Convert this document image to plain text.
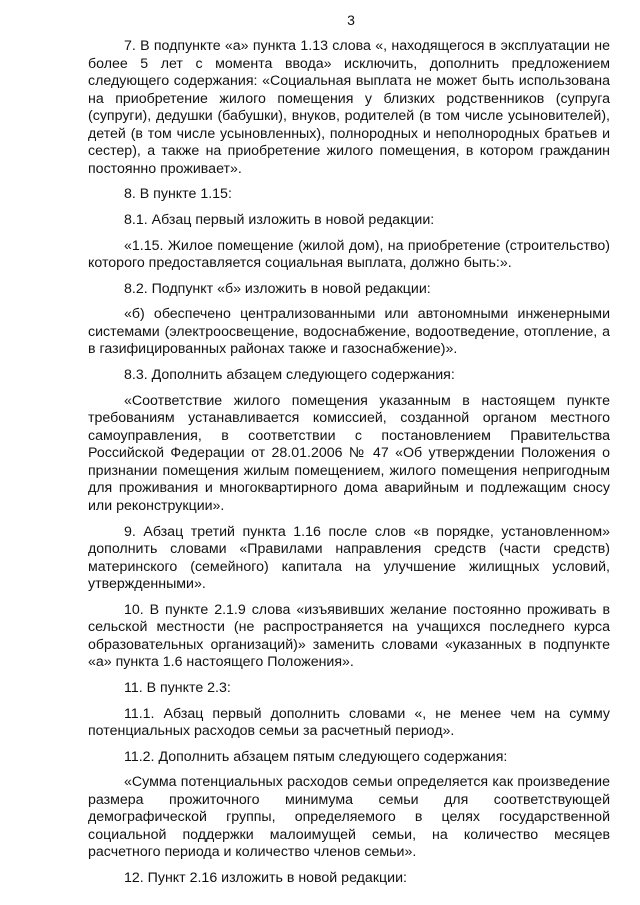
3

7. В подпункте «а» пункта 1.13 слова «, находящегося в эксплуатации не более 5 лет с момента ввода» исключить, дополнить предложением следующего содержания: «Социальная выплата не может быть использована на приобретение жилого помещения у близких родственников (супруга (супруги), дедушки (бабушки), внуков, родителей (в том числе усыновителей), детей (в том числе усыновленных), полнородных и неполнородных братьев и сестер), а также на приобретение жилого помещения, в котором гражданин постоянно проживает».

8. В пункте 1.15:

8.1. Абзац первый изложить в новой редакции:

«1.15. Жилое помещение (жилой дом), на приобретение (строительство) которого предоставляется социальная выплата, должно быть:».

8.2. Подпункт «б» изложить в новой редакции:

«б) обеспечено централизованными или автономными инженерными системами (электроосвещение, водоснабжение, водоотведение, отопление, а в газифицированных районах также и газоснабжение)».

8.3. Дополнить абзацем следующего содержания:

«Соответствие жилого помещения указанным в настоящем пункте требованиям устанавливается комиссией, созданной органом местного самоуправления, в соответствии с постановлением Правительства Российской Федерации от 28.01.2006 № 47 «Об утверждении Положения о признании помещения жилым помещением, жилого помещения непригодным для проживания и многоквартирного дома аварийным и подлежащим сносу или реконструкции».

9. Абзац третий пункта 1.16 после слов «в порядке, установленном» дополнить словами «Правилами направления средств (части средств) материнского (семейного) капитала на улучшение жилищных условий, утвержденными».

10. В пункте 2.1.9 слова «изъявивших желание постоянно проживать в сельской местности (не распространяется на учащихся последнего курса образовательных организаций)» заменить словами «указанных в подпункте «а» пункта 1.6 настоящего Положения».

11. В пункте 2.3:

11.1. Абзац первый дополнить словами «, не менее чем на сумму потенциальных расходов семьи за расчетный период».

11.2. Дополнить абзацем пятым следующего содержания:

«Сумма потенциальных расходов семьи определяется как произведение размера прожиточного минимума семьи для соответствующей демографической группы, определяемого в целях государственной социальной поддержки малоимущей семьи, на количество месяцев расчетного периода и количество членов семьи».

12. Пункт 2.16 изложить в новой редакции:
